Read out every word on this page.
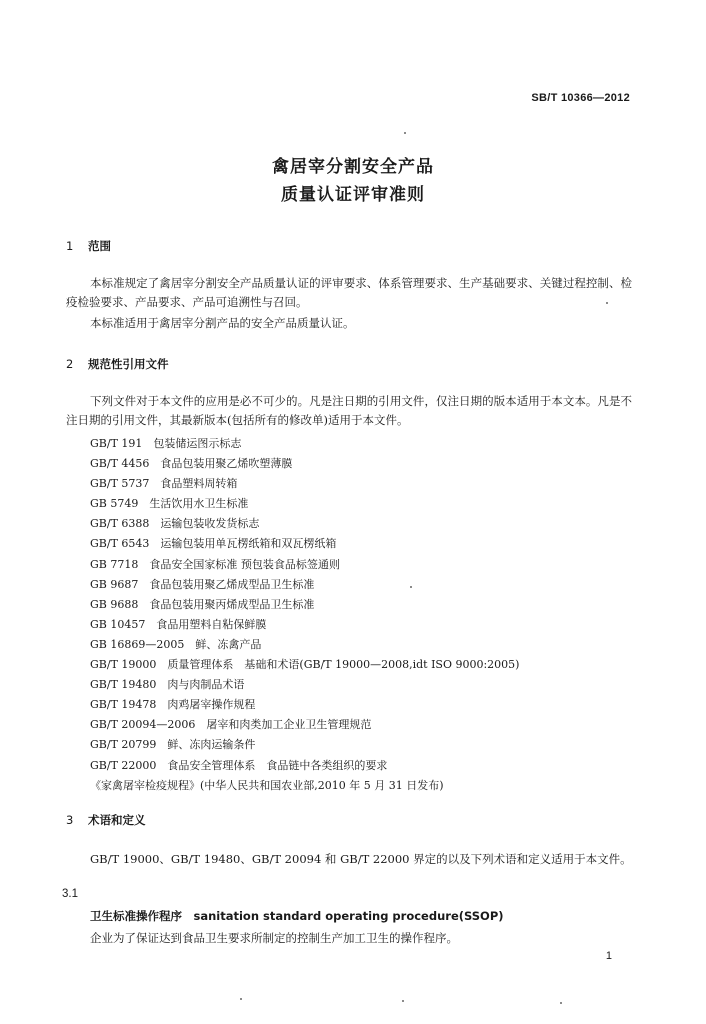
SB/T 10366—2012
禽居宰分割安全产品
质量认证评审准则
1 范围

本标准规定了禽居宰分割安全产品质量认证的评审要求、体系管理要求、生产基础要求、关键过程控制、检疫检验要求、产品要求、产品可追溯性与召回。

本标准适用于禽居宰分割产品的安全产品质量认证。

2 规范性引用文件

下列文件对于本文件的应用是必不可少的。凡是注日期的引用文件，仅注日期的版本适用于本文本。凡是不注日期的引用文件，其最新版本(包括所有的修改单)适用于本文件。

GB/T 191　包装储运图示标志
GB/T 4456　食品包装用聚乙烯吹塑薄膜
GB/T 5737　食品塑料周转箱
GB 5749　生活饮用水卫生标准
GB/T 6388　运输包装收发货标志
GB/T 6543　运输包装用单瓦楞纸箱和双瓦楞纸箱
GB 7718　食品安全国家标准 预包装食品标签通则
GB 9687　食品包装用聚乙烯成型品卫生标准
GB 9688　食品包装用聚丙烯成型品卫生标准
GB 10457　食品用塑料自粘保鲜膜
GB 16869—2005　鲜、冻禽产品
GB/T 19000　质量管理体系　基础和术语(GB/T 19000—2008,idt ISO 9000:2005)
GB/T 19480　肉与肉制品术语
GB/T 19478　肉鸡屠宰操作规程
GB/T 20094—2006　屠宰和肉类加工企业卫生管理规范
GB/T 20799　鲜、冻肉运输条件
GB/T 22000　食品安全管理体系　食品链中各类组织的要求
《家禽屠宰检疫规程》(中华人民共和国农业部,2010 年 5 月 31 日发布)
3 术语和定义

GB/T 19000、GB/T 19480、GB/T 20094 和 GB/T 22000 界定的以及下列术语和定义适用于本文件。

3.1
卫生标准操作程序　sanitation standard operating procedure(SSOP)
企业为了保证达到食品卫生要求所制定的控制生产加工卫生的操作程序。
1
